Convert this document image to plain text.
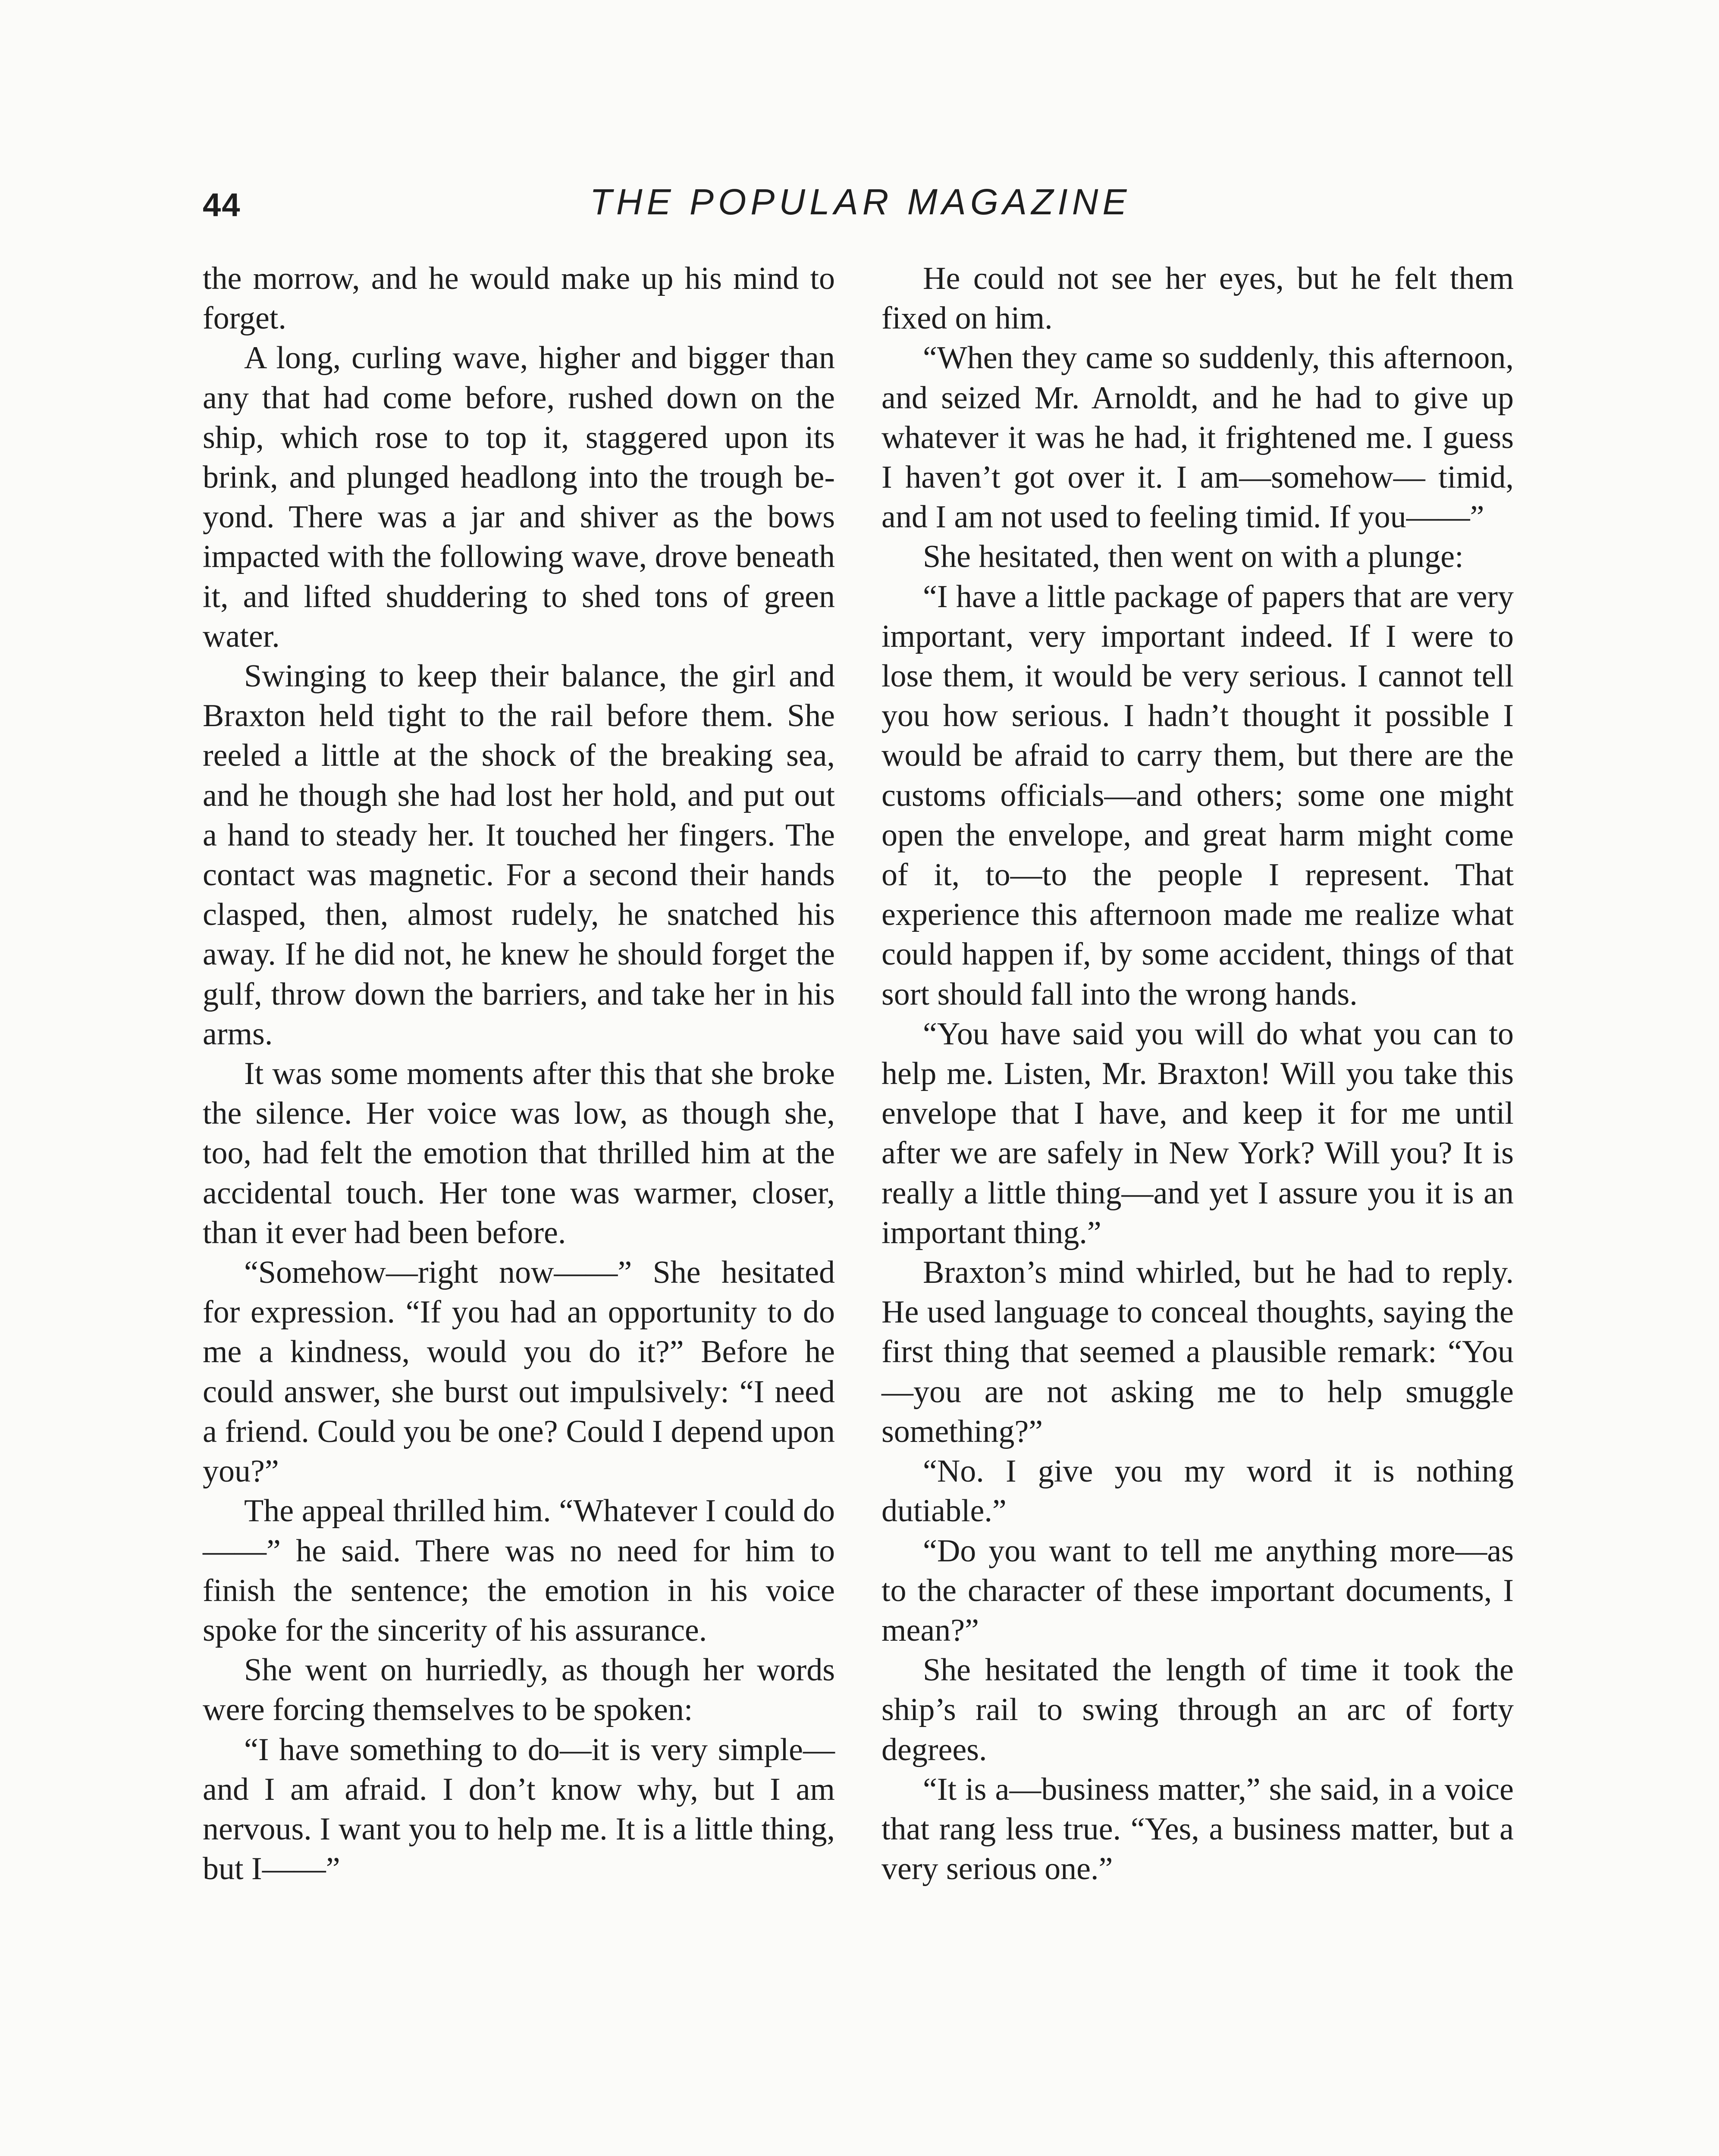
44	THE POPULAR MAGAZINE

the morrow, and he would make up his mind to forget.

A long, curling wave, higher and bigger than any that had come before, rushed down on the ship, which rose to top it, staggered upon its brink, and plunged headlong into the trough beyond. There was a jar and shiver as the bows impacted with the following wave, drove beneath it, and lifted shuddering to shed tons of green water.

Swinging to keep their balance, the girl and Braxton held tight to the rail before them. She reeled a little at the shock of the breaking sea, and he though she had lost her hold, and put out a hand to steady her. It touched her fingers. The contact was magnetic. For a second their hands clasped, then, almost rudely, he snatched his away. If he did not, he knew he should forget the gulf, throw down the barriers, and take her in his arms.

It was some moments after this that she broke the silence. Her voice was low, as though she, too, had felt the emotion that thrilled him at the accidental touch. Her tone was warmer, closer, than it ever had been before.

“Somehow—right now——” She hesitated for expression. “If you had an opportunity to do me a kindness, would you do it?” Before he could answer, she burst out impulsively: “I need a friend. Could you be one? Could I depend upon you?”

The appeal thrilled him. “Whatever I could do——” he said. There was no need for him to finish the sentence; the emotion in his voice spoke for the sincerity of his assurance.

She went on hurriedly, as though her words were forcing themselves to be spoken:

“I have something to do—it is very simple—and I am afraid. I don’t know why, but I am nervous. I want you to help me. It is a little thing, but I——”

He could not see her eyes, but he felt them fixed on him.

“When they came so suddenly, this afternoon, and seized Mr. Arnoldt, and he had to give up whatever it was he had, it frightened me. I guess I haven’t got over it. I am—somehow— timid, and I am not used to feeling timid. If you——”

She hesitated, then went on with a plunge:

“I have a little package of papers that are very important, very important indeed. If I were to lose them, it would be very serious. I cannot tell you how serious. I hadn’t thought it possible I would be afraid to carry them, but there are the customs officials—and others; some one might open the envelope, and great harm might come of it, to—to the people I represent. That experience this afternoon made me realize what could happen if, by some accident, things of that sort should fall into the wrong hands.

“You have said you will do what you can to help me. Listen, Mr. Braxton! Will you take this envelope that I have, and keep it for me until after we are safely in New York? Will you? It is really a little thing—and yet I assure you it is an important thing.”

Braxton’s mind whirled, but he had to reply. He used language to conceal thoughts, saying the first thing that seemed a plausible remark: “You—you are not asking me to help smuggle something?”

“No. I give you my word it is nothing dutiable.”

“Do you want to tell me anything more—as to the character of these important documents, I mean?”

She hesitated the length of time it took the ship’s rail to swing through an arc of forty degrees.

“It is a—business matter,” she said, in a voice that rang less true. “Yes, a business matter, but a very serious one.”
